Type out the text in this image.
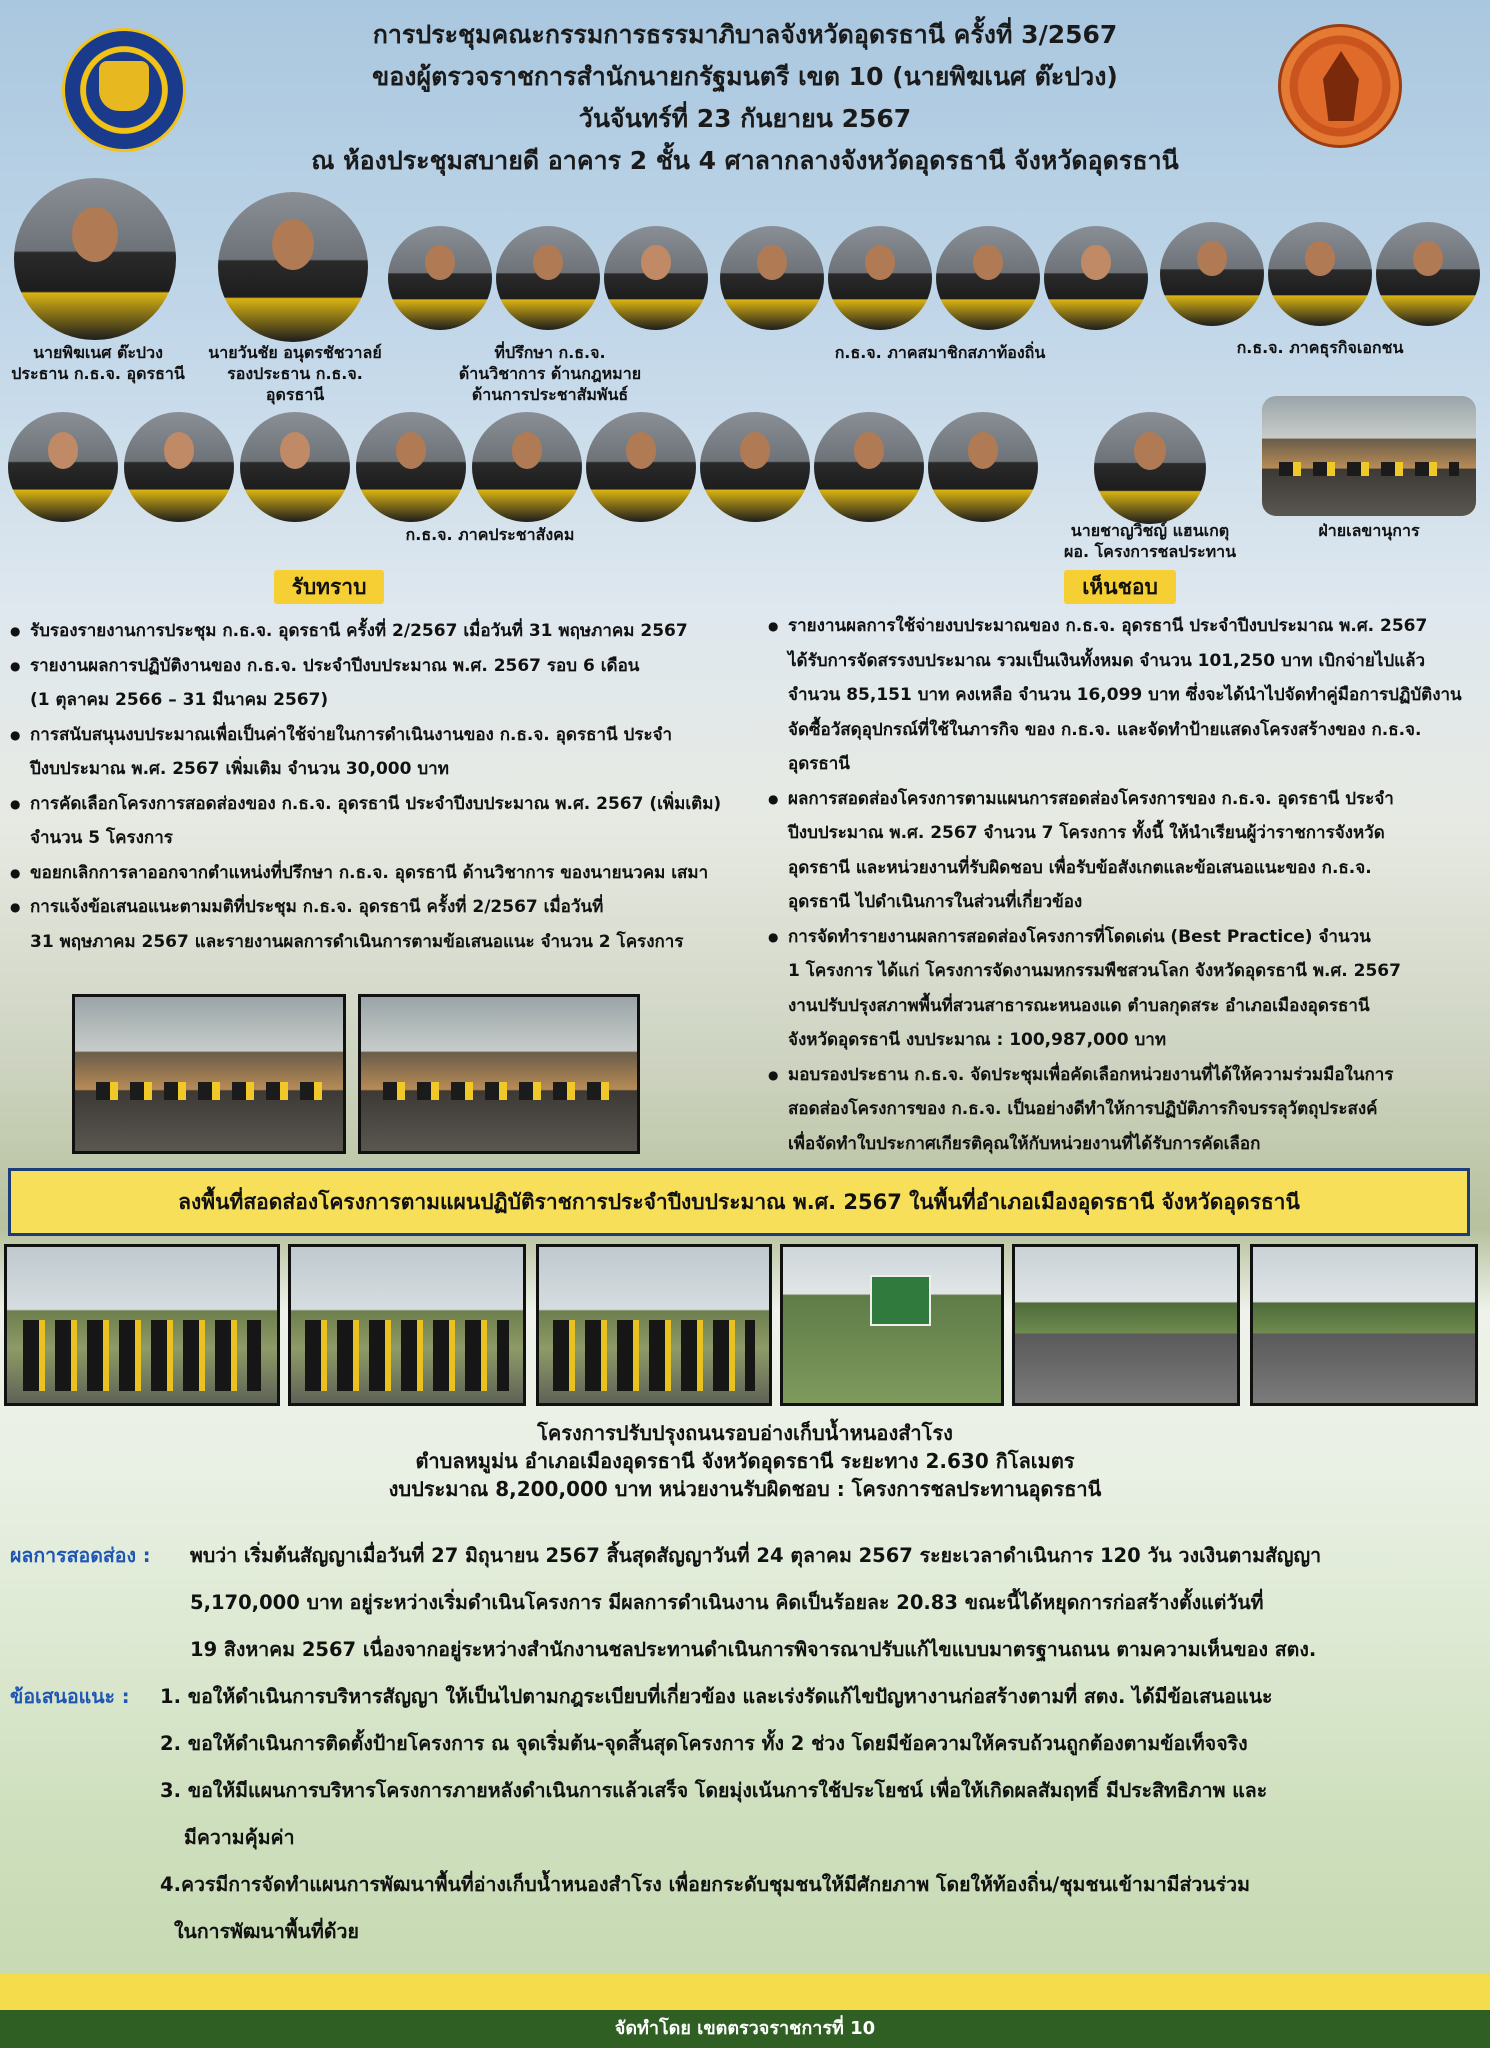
การประชุมคณะกรรมการธรรมาภิบาลจังหวัดอุดรธานี ครั้งที่ 3/2567
ของผู้ตรวจราชการสำนักนายกรัฐมนตรี เขต 10 (นายพิฆเนศ ต๊ะปวง)
วันจันทร์ที่ 23 กันยายน 2567
ณ ห้องประชุมสบายดี อาคาร 2 ชั้น 4 ศาลากลางจังหวัดอุดรธานี จังหวัดอุดรธานี
นายพิฆเนศ ต๊ะปวง
ประธาน ก.ธ.จ. อุดรธานี
นายวันชัย อนุตรชัชวาลย์
รองประธาน ก.ธ.จ.
อุดรธานี
ที่ปรึกษา ก.ธ.จ.
ด้านวิชาการ ด้านกฎหมาย
ด้านการประชาสัมพันธ์
ก.ธ.จ. ภาคสมาชิกสภาท้องถิ่น	ก.ธ.จ. ภาคธุรกิจเอกชน
ก.ธ.จ. ภาคประชาสังคม	นายชาญวิชญ์ แฮนเกตุ
ผอ. โครงการชลประทาน
ฝ่ายเลขานุการ
รับทราบ
● รับรองรายงานการประชุม ก.ธ.จ. อุดรธานี ครั้งที่ 2/2567 เมื่อวันที่ 31 พฤษภาคม 2567
● รายงานผลการปฏิบัติงานของ ก.ธ.จ. ประจำปีงบประมาณ พ.ศ. 2567 รอบ 6 เดือน
(1 ตุลาคม 2566 – 31 มีนาคม 2567)
● การสนับสนุนงบประมาณเพื่อเป็นค่าใช้จ่ายในการดำเนินงานของ ก.ธ.จ. อุดรธานี ประจำ
ปีงบประมาณ พ.ศ. 2567 เพิ่มเติม จำนวน 30,000 บาท
● การคัดเลือกโครงการสอดส่องของ ก.ธ.จ. อุดรธานี ประจำปีงบประมาณ พ.ศ. 2567 (เพิ่มเติม)
จำนวน 5 โครงการ
● ขอยกเลิกการลาออกจากตำแหน่งที่ปรึกษา ก.ธ.จ. อุดรธานี ด้านวิชาการ ของนายนวคม เสมา
● การแจ้งข้อเสนอแนะตามมติที่ประชุม ก.ธ.จ. อุดรธานี ครั้งที่ 2/2567 เมื่อวันที่
31 พฤษภาคม 2567 และรายงานผลการดำเนินการตามข้อเสนอแนะ จำนวน 2 โครงการ
เห็นชอบ
● รายงานผลการใช้จ่ายงบประมาณของ ก.ธ.จ. อุดรธานี ประจำปีงบประมาณ พ.ศ. 2567
ได้รับการจัดสรรงบประมาณ รวมเป็นเงินทั้งหมด จำนวน 101,250 บาท เบิกจ่ายไปแล้ว
จำนวน 85,151 บาท คงเหลือ จำนวน 16,099 บาท ซึ่งจะได้นำไปจัดทำคู่มือการปฏิบัติงาน
จัดซื้อวัสดุอุปกรณ์ที่ใช้ในภารกิจ ของ ก.ธ.จ. และจัดทำป้ายแสดงโครงสร้างของ ก.ธ.จ.
อุดรธานี
● ผลการสอดส่องโครงการตามแผนการสอดส่องโครงการของ ก.ธ.จ. อุดรธานี ประจำ
ปีงบประมาณ พ.ศ. 2567 จำนวน 7 โครงการ ทั้งนี้ ให้นำเรียนผู้ว่าราชการจังหวัด
อุดรธานี และหน่วยงานที่รับผิดชอบ เพื่อรับข้อสังเกตและข้อเสนอแนะของ ก.ธ.จ.
อุดรธานี ไปดำเนินการในส่วนที่เกี่ยวข้อง
● การจัดทำรายงานผลการสอดส่องโครงการที่โดดเด่น (Best Practice) จำนวน
1 โครงการ ได้แก่ โครงการจัดงานมหกรรมพืชสวนโลก จังหวัดอุดรธานี พ.ศ. 2567
งานปรับปรุงสภาพพื้นที่สวนสาธารณะหนองแด ตำบลกุดสระ อำเภอเมืองอุดรธานี
จังหวัดอุดรธานี งบประมาณ : 100,987,000 บาท
● มอบรองประธาน ก.ธ.จ. จัดประชุมเพื่อคัดเลือกหน่วยงานที่ได้ให้ความร่วมมือในการ
สอดส่องโครงการของ ก.ธ.จ. เป็นอย่างดีทำให้การปฏิบัติภารกิจบรรลุวัตถุประสงค์
เพื่อจัดทำใบประกาศเกียรติคุณให้กับหน่วยงานที่ได้รับการคัดเลือก
ลงพื้นที่สอดส่องโครงการตามแผนปฏิบัติราชการประจำปีงบประมาณ พ.ศ. 2567 ในพื้นที่อำเภอเมืองอุดรธานี จังหวัดอุดรธานี
โครงการปรับปรุงถนนรอบอ่างเก็บน้ำหนองสำโรง
ตำบลหมูม่น อำเภอเมืองอุดรธานี จังหวัดอุดรธานี ระยะทาง 2.630 กิโลเมตร
งบประมาณ 8,200,000 บาท หน่วยงานรับผิดชอบ : โครงการชลประทานอุดรธานี
ผลการสอดส่อง :	พบว่า เริ่มต้นสัญญาเมื่อวันที่ 27 มิถุนายน 2567 สิ้นสุดสัญญาวันที่ 24 ตุลาคม 2567 ระยะเวลาดำเนินการ 120 วัน วงเงินตามสัญญา
5,170,000 บาท อยู่ระหว่างเริ่มดำเนินโครงการ มีผลการดำเนินงาน คิดเป็นร้อยละ 20.83 ขณะนี้ได้หยุดการก่อสร้างตั้งแต่วันที่
19 สิงหาคม 2567 เนื่องจากอยู่ระหว่างสำนักงานชลประทานดำเนินการพิจารณาปรับแก้ไขแบบมาตรฐานถนน ตามความเห็นของ สตง.
ข้อเสนอแนะ :	1. ขอให้ดำเนินการบริหารสัญญา ให้เป็นไปตามกฎระเบียบที่เกี่ยวข้อง และเร่งรัดแก้ไขปัญหางานก่อสร้างตามที่ สตง. ได้มีข้อเสนอแนะ
2. ขอให้ดำเนินการติดตั้งป้ายโครงการ ณ จุดเริ่มต้น-จุดสิ้นสุดโครงการ ทั้ง 2 ช่วง โดยมีข้อความให้ครบถ้วนถูกต้องตามข้อเท็จจริง
3. ขอให้มีแผนการบริหารโครงการภายหลังดำเนินการแล้วเสร็จ โดยมุ่งเน้นการใช้ประโยชน์ เพื่อให้เกิดผลสัมฤทธิ์ มีประสิทธิภาพ และ
มีความคุ้มค่า
4.ควรมีการจัดทำแผนการพัฒนาพื้นที่อ่างเก็บน้ำหนองสำโรง เพื่อยกระดับชุมชนให้มีศักยภาพ โดยให้ท้องถิ่น/ชุมชนเข้ามามีส่วนร่วม
ในการพัฒนาพื้นที่ด้วย
จัดทำโดย เขตตรวจราชการที่ 10
